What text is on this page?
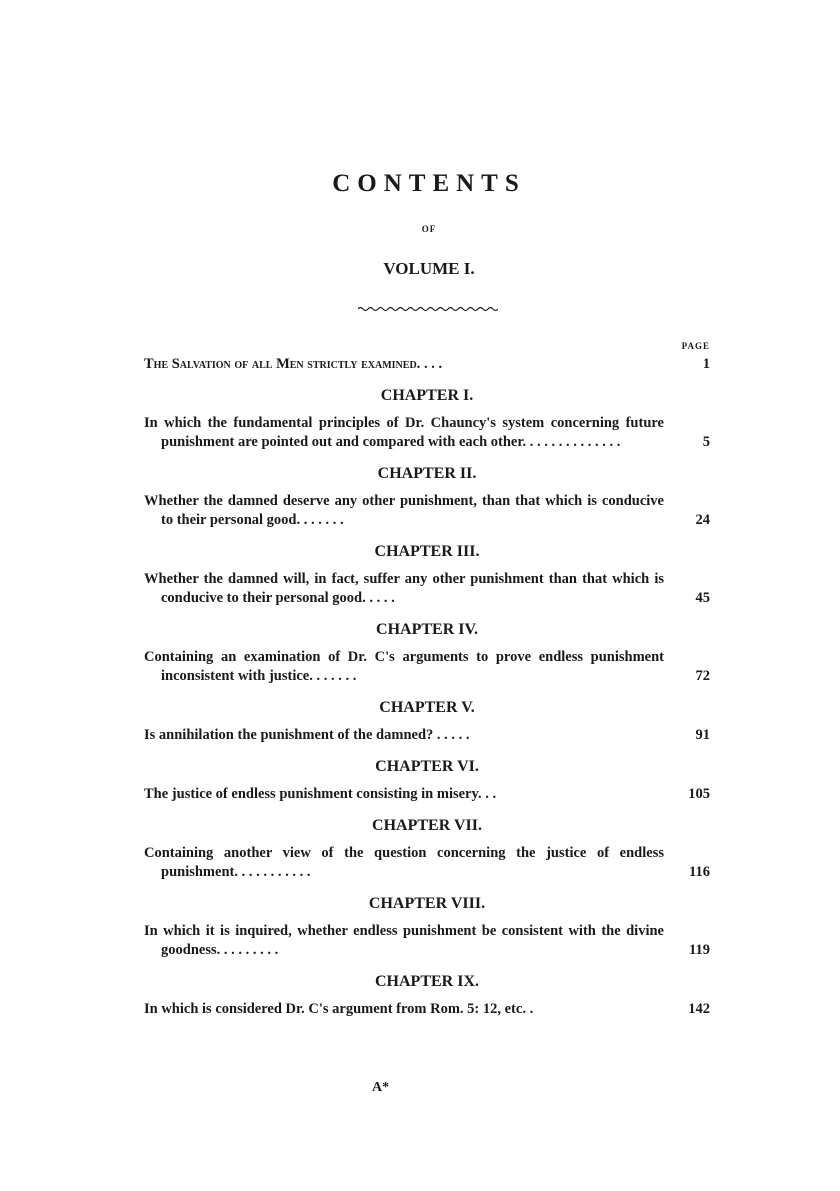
CONTENTS
OF
VOLUME I.
PAGE
The Salvation of all Men strictly examined. . . .	1
CHAPTER I.
In which the fundamental principles of Dr. Chauncy's system concerning future punishment are pointed out and compared with each other. . . . . . . . . . . . . .	5
CHAPTER II.
Whether the damned deserve any other punishment, than that which is conducive to their personal good. . . . . . .	24
CHAPTER III.
Whether the damned will, in fact, suffer any other punishment than that which is conducive to their personal good. . . . .	45
CHAPTER IV.
Containing an examination of Dr. C's arguments to prove endless punishment inconsistent with justice. . . . . . .	72
CHAPTER V.
Is annihilation the punishment of the damned? . . . . .	91
CHAPTER VI.
The justice of endless punishment consisting in misery. . .	105
CHAPTER VII.
Containing another view of the question concerning the justice of endless punishment. . . . . . . . . . .	116
CHAPTER VIII.
In which it is inquired, whether endless punishment be consistent with the divine goodness. . . . . . . . .	119
CHAPTER IX.
In which is considered Dr. C's argument from Rom. 5: 12, etc. .	142
A*
